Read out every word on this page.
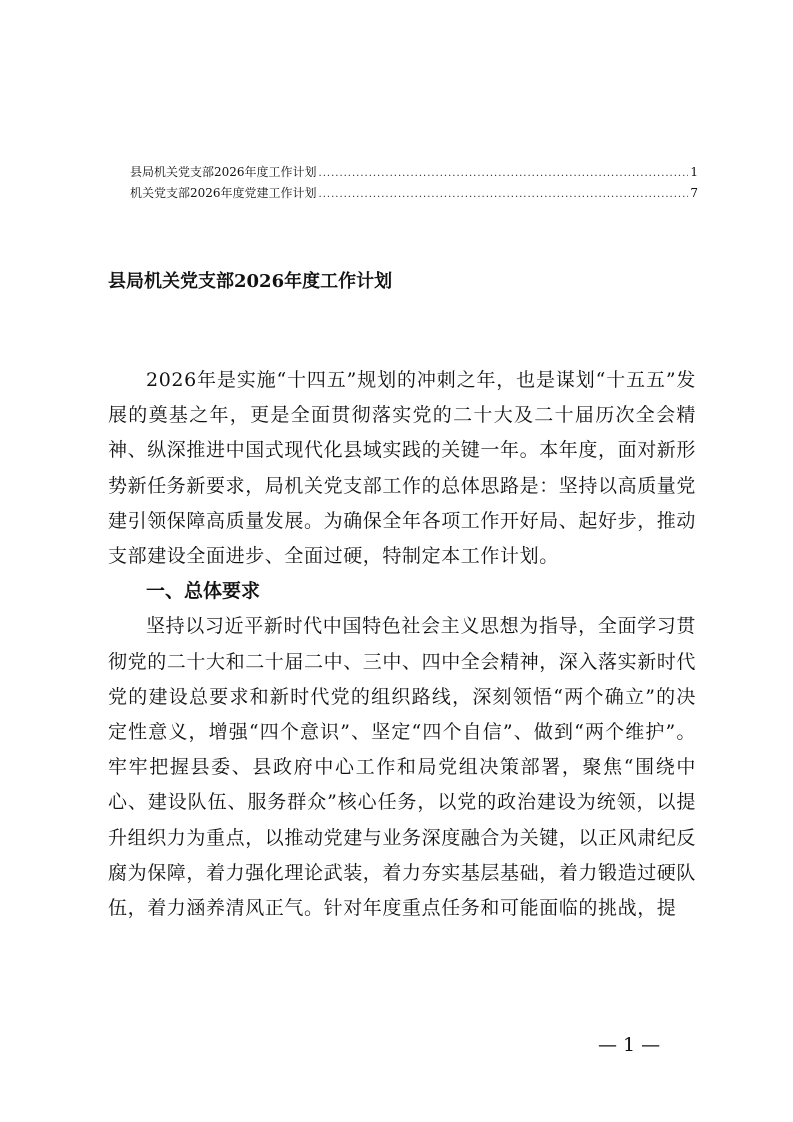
县局机关党支部2026年度工作计划 .....	1
机关党支部2026年度党建工作计划 .....	7
县局机关党支部2026年度工作计划

2026年是实施“十四五”规划的冲刺之年，也是谋划“十五五”发展的奠基之年，更是全面贯彻落实党的二十大及二十届历次全会精神、纵深推进中国式现代化县域实践的关键一年。本年度，面对新形势新任务新要求，局机关党支部工作的总体思路是：坚持以高质量党建引领保障高质量发展。为确保全年各项工作开好局、起好步，推动支部建设全面进步、全面过硬，特制定本工作计划。

一、总体要求

坚持以习近平新时代中国特色社会主义思想为指导，全面学习贯彻党的二十大和二十届二中、三中、四中全会精神，深入落实新时代党的建设总要求和新时代党的组织路线，深刻领悟“两个确立”的决定性意义，增强“四个意识”、坚定“四个自信”、做到“两个维护”。牢牢把握县委、县政府中心工作和局党组决策部署，聚焦“围绕中心、建设队伍、服务群众”核心任务，以党的政治建设为统领，以提升组织力为重点，以推动党建与业务深度融合为关键，以正风肃纪反腐为保障，着力强化理论武装，着力夯实基层基础，着力锻造过硬队伍，着力涵养清风正气。针对年度重点任务和可能面临的挑战，提

— 1 —
